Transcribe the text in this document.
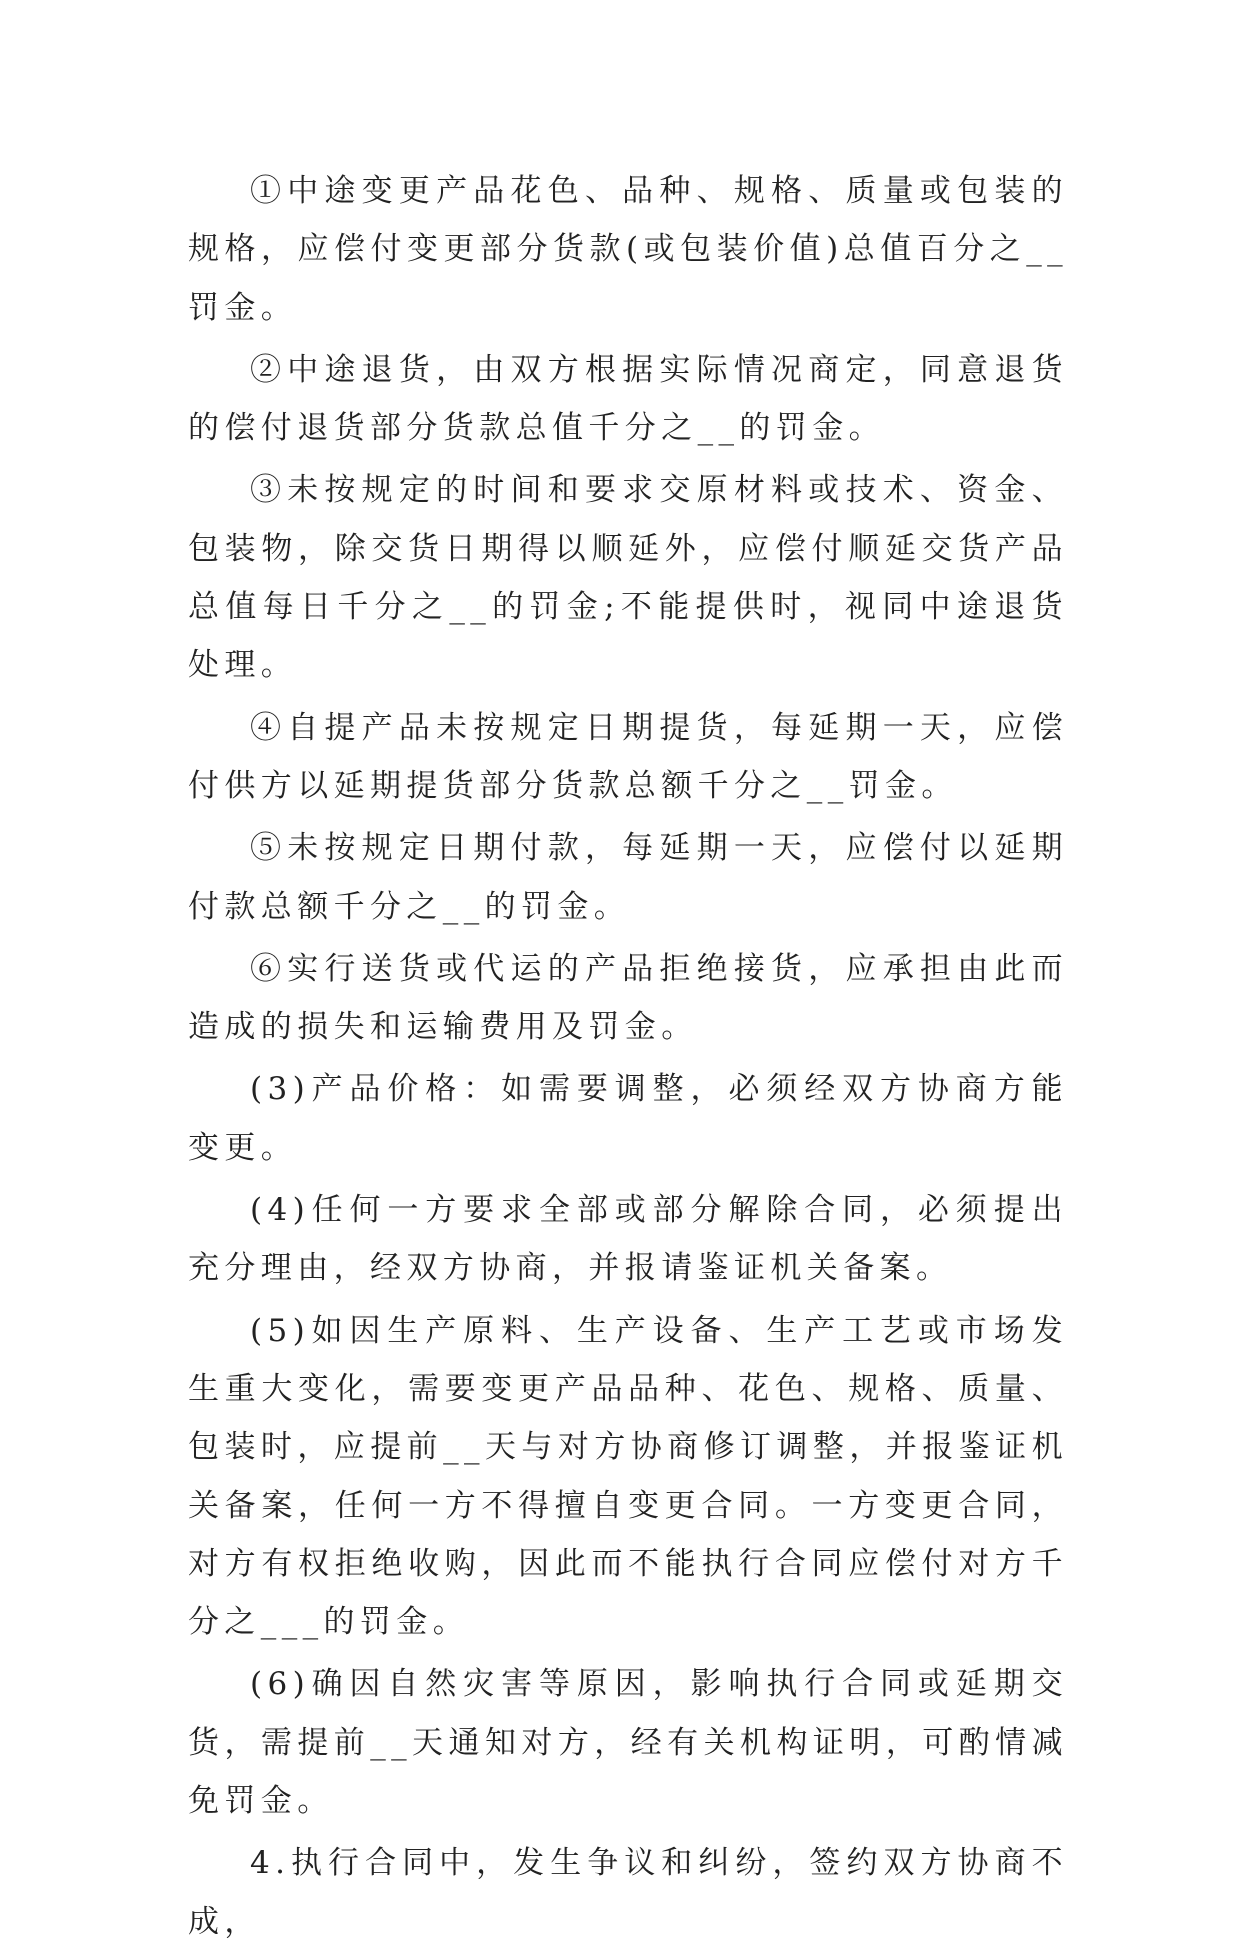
①中途变更产品花色、品种、规格、质量或包装的规格，应偿付变更部分货款(或包装价值)总值百分之__罚金。

②中途退货，由双方根据实际情况商定，同意退货的偿付退货部分货款总值千分之__的罚金。

③未按规定的时间和要求交原材料或技术、资金、包装物，除交货日期得以顺延外，应偿付顺延交货产品总值每日千分之__的罚金;不能提供时，视同中途退货处理。

④自提产品未按规定日期提货，每延期一天，应偿付供方以延期提货部分货款总额千分之__罚金。

⑤未按规定日期付款，每延期一天，应偿付以延期付款总额千分之__的罚金。

⑥实行送货或代运的产品拒绝接货，应承担由此而造成的损失和运输费用及罚金。

(3)产品价格：如需要调整，必须经双方协商方能变更。

(4)任何一方要求全部或部分解除合同，必须提出充分理由，经双方协商，并报请鉴证机关备案。

(5)如因生产原料、生产设备、生产工艺或市场发生重大变化，需要变更产品品种、花色、规格、质量、包装时，应提前__天与对方协商修订调整，并报鉴证机关备案，任何一方不得擅自变更合同。一方变更合同，对方有权拒绝收购，因此而不能执行合同应偿付对方千分之___的罚金。

(6)确因自然灾害等原因，影响执行合同或延期交货，需提前__天通知对方，经有关机构证明，可酌情减免罚金。

4.执行合同中，发生争议和纠纷，签约双方协商不成，
